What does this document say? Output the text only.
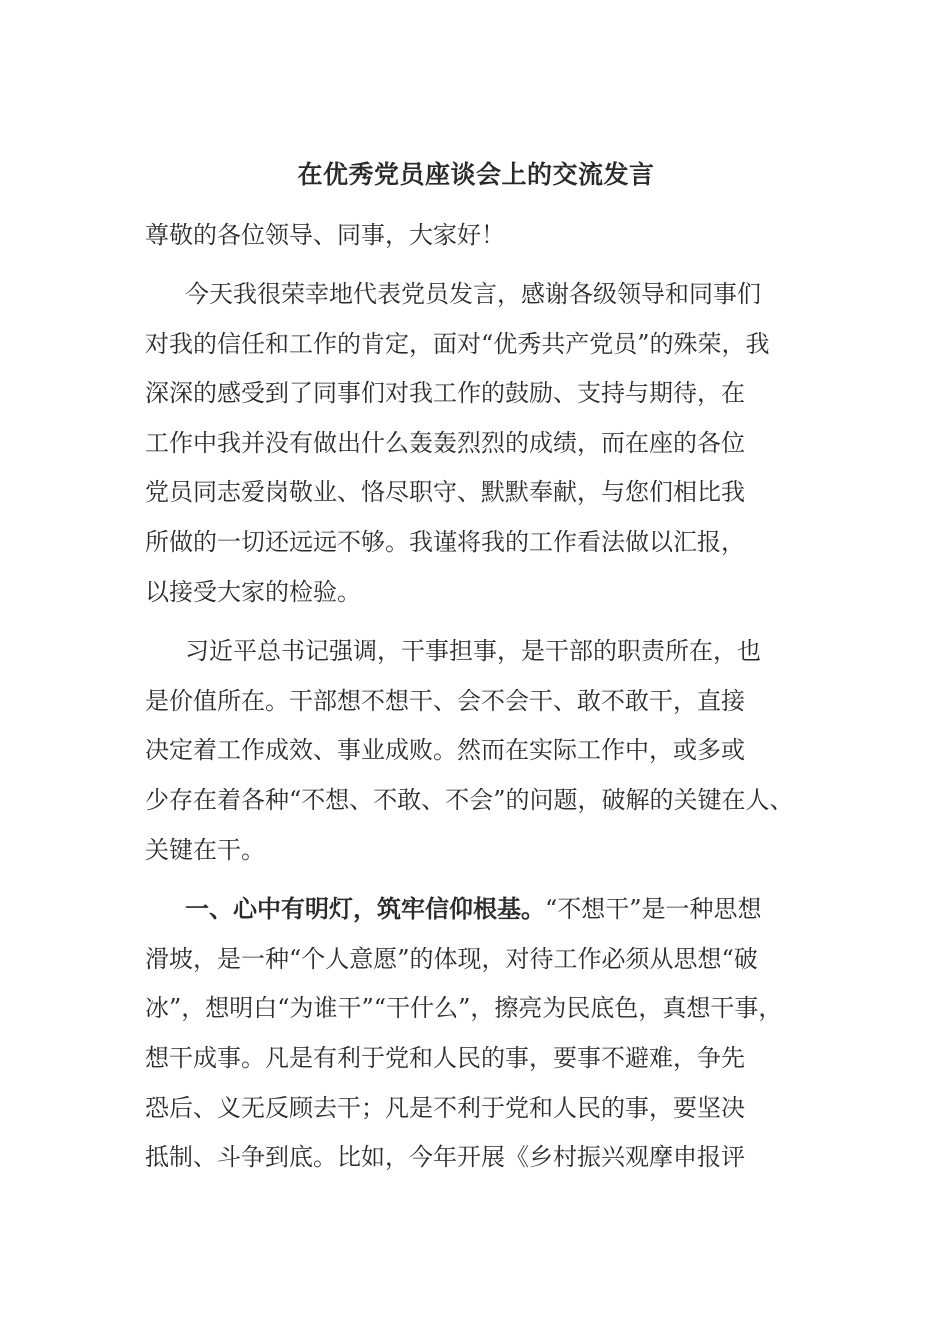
在优秀党员座谈会上的交流发言

尊敬的各位领导、同事，大家好！

今天我很荣幸地代表党员发言，感谢各级领导和同事们
对我的信任和工作的肯定，面对“优秀共产党员”的殊荣，我
深深的感受到了同事们对我工作的鼓励、支持与期待，在
工作中我并没有做出什么轰轰烈烈的成绩，而在座的各位
党员同志爱岗敬业、恪尽职守、默默奉献，与您们相比我
所做的一切还远远不够。我谨将我的工作看法做以汇报，
以接受大家的检验。

习近平总书记强调，干事担事，是干部的职责所在，也
是价值所在。干部想不想干、会不会干、敢不敢干，直接
决定着工作成效、事业成败。然而在实际工作中，或多或
少存在着各种“不想、不敢、不会”的问题，破解的关键在人、
关键在干。

一、心中有明灯，筑牢信仰根基。“不想干”是一种思想
滑坡，是一种“个人意愿”的体现，对待工作必须从思想“破
冰”，想明白“为谁干”“干什么”，擦亮为民底色，真想干事，
想干成事。凡是有利于党和人民的事，要事不避难，争先
恐后、义无反顾去干；凡是不利于党和人民的事，要坚决
抵制、斗争到底。比如，今年开展《乡村振兴观摩申报评
